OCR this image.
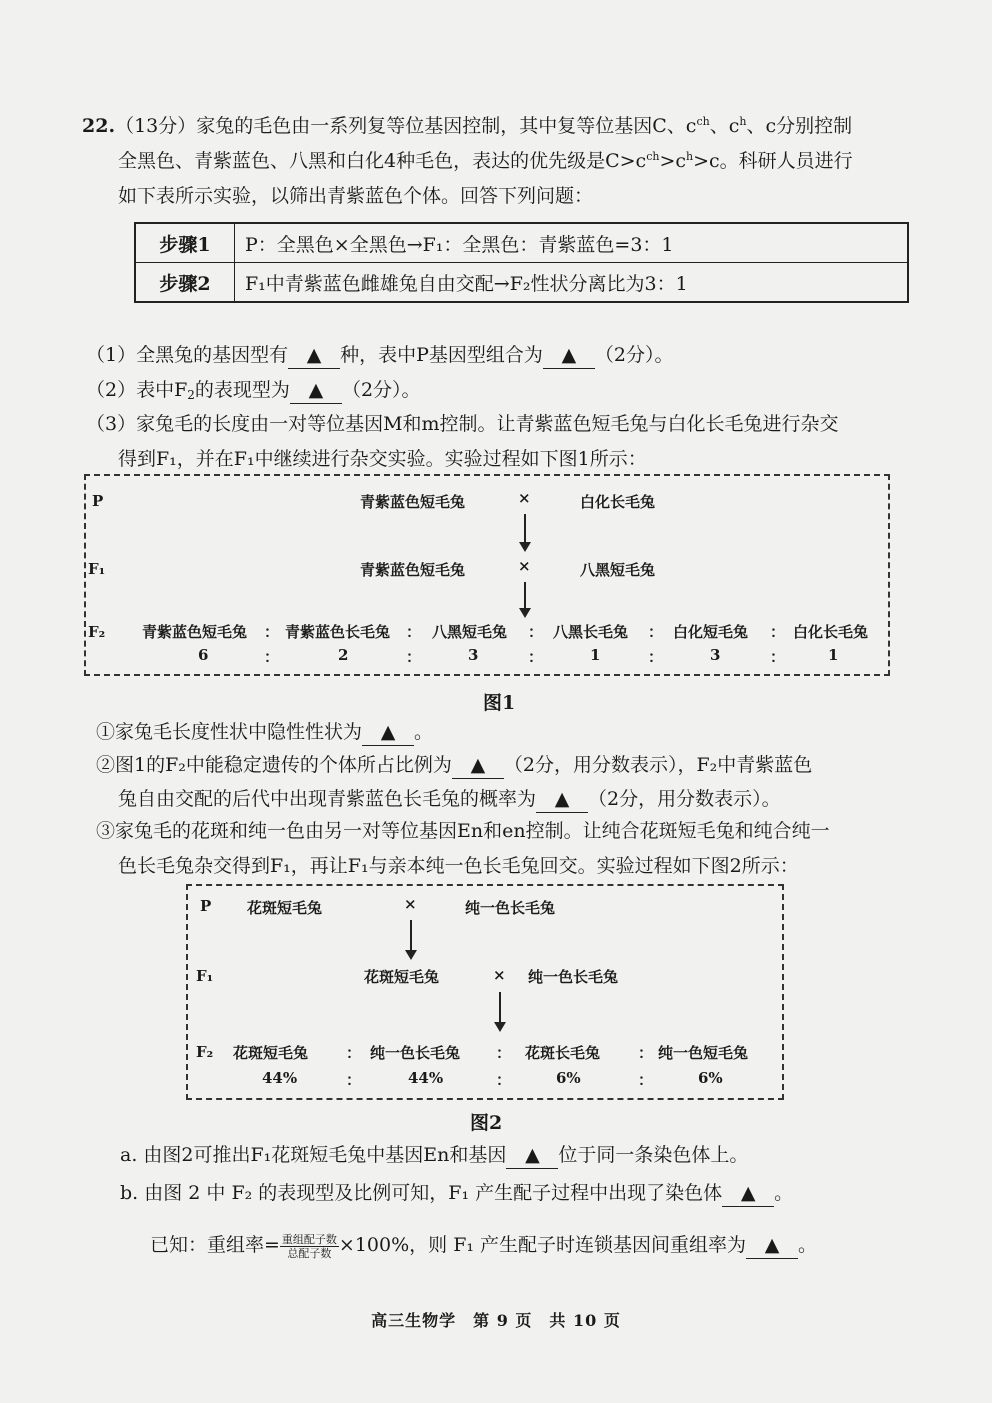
22.（13分）家兔的毛色由一系列复等位基因控制，其中复等位基因C、$c^{ch}$、$c^h$、c分别控制
全黑色、青紫蓝色、八黑和白化4种毛色，表达的优先级是$C>c^{ch}>c^h>c$。科研人员进行
如下表所示实验，以筛出青紫蓝色个体。回答下列问题：
步骤1	P：全黑色×全黑色→F₁：全黑色：青紫蓝色=3：1
步骤2	F₁中青紫蓝色雌雄兔自由交配→F₂性状分离比为3：1
（1）全黑兔的基因型有 ▲ 种，表中P基因型组合为 ▲ （2分）。
（2）表中$F_2$的表现型为 ▲ （2分）。
（3）家兔毛的长度由一对等位基因M和m控制。让青紫蓝色短毛兔与白化长毛兔进行杂交
得到F₁，并在F₁中继续进行杂交实验。实验过程如下图1所示：
P	青紫蓝色短毛兔	×	白化长毛兔
F₁	青紫蓝色短毛兔	×	八黑短毛兔
F₂ 青紫蓝色短毛兔 ： 青紫蓝色长毛兔 ： 八黑短毛兔 ： 八黑长毛兔 ： 白化短毛兔 ： 白化长毛兔
6	：	2	：	3	：	1	：	3	：	1
图1
①家兔毛长度性状中隐性性状为 ▲ 。
②图1的F₂中能稳定遗传的个体所占比例为 ▲ （2分，用分数表示），F₂中青紫蓝色
兔自由交配的后代中出现青紫蓝色长毛兔的概率为 ▲ （2分，用分数表示）。
③家兔毛的花斑和纯一色由另一对等位基因En和en控制。让纯合花斑短毛兔和纯合纯一
色长毛兔杂交得到F₁，再让F₁与亲本纯一色长毛兔回交。实验过程如下图2所示：
P 花斑短毛兔	×	纯一色长毛兔
F₁	花斑短毛兔	× 纯一色长毛兔
F₂ 花斑短毛兔	： 纯一色长毛兔 ： 花斑长毛兔	： 纯一色短毛兔
44%	：	44%	：	6%	：	6%
图2
a. 由图2可推出F₁花斑短毛兔中基因En和基因 ▲ 位于同一条染色体上。
b. 由图 2 中 F₂ 的表现型及比例可知，F₁ 产生配子过程中出现了染色体 ▲ 。
已知：重组率= $\frac{\text{重组配子数}}{\text{总配子数}} \times 100\%$，则 F₁ 产生配子时连锁基因间重组率为 ▲ 。
高三生物学　第 9 页　共 10 页
